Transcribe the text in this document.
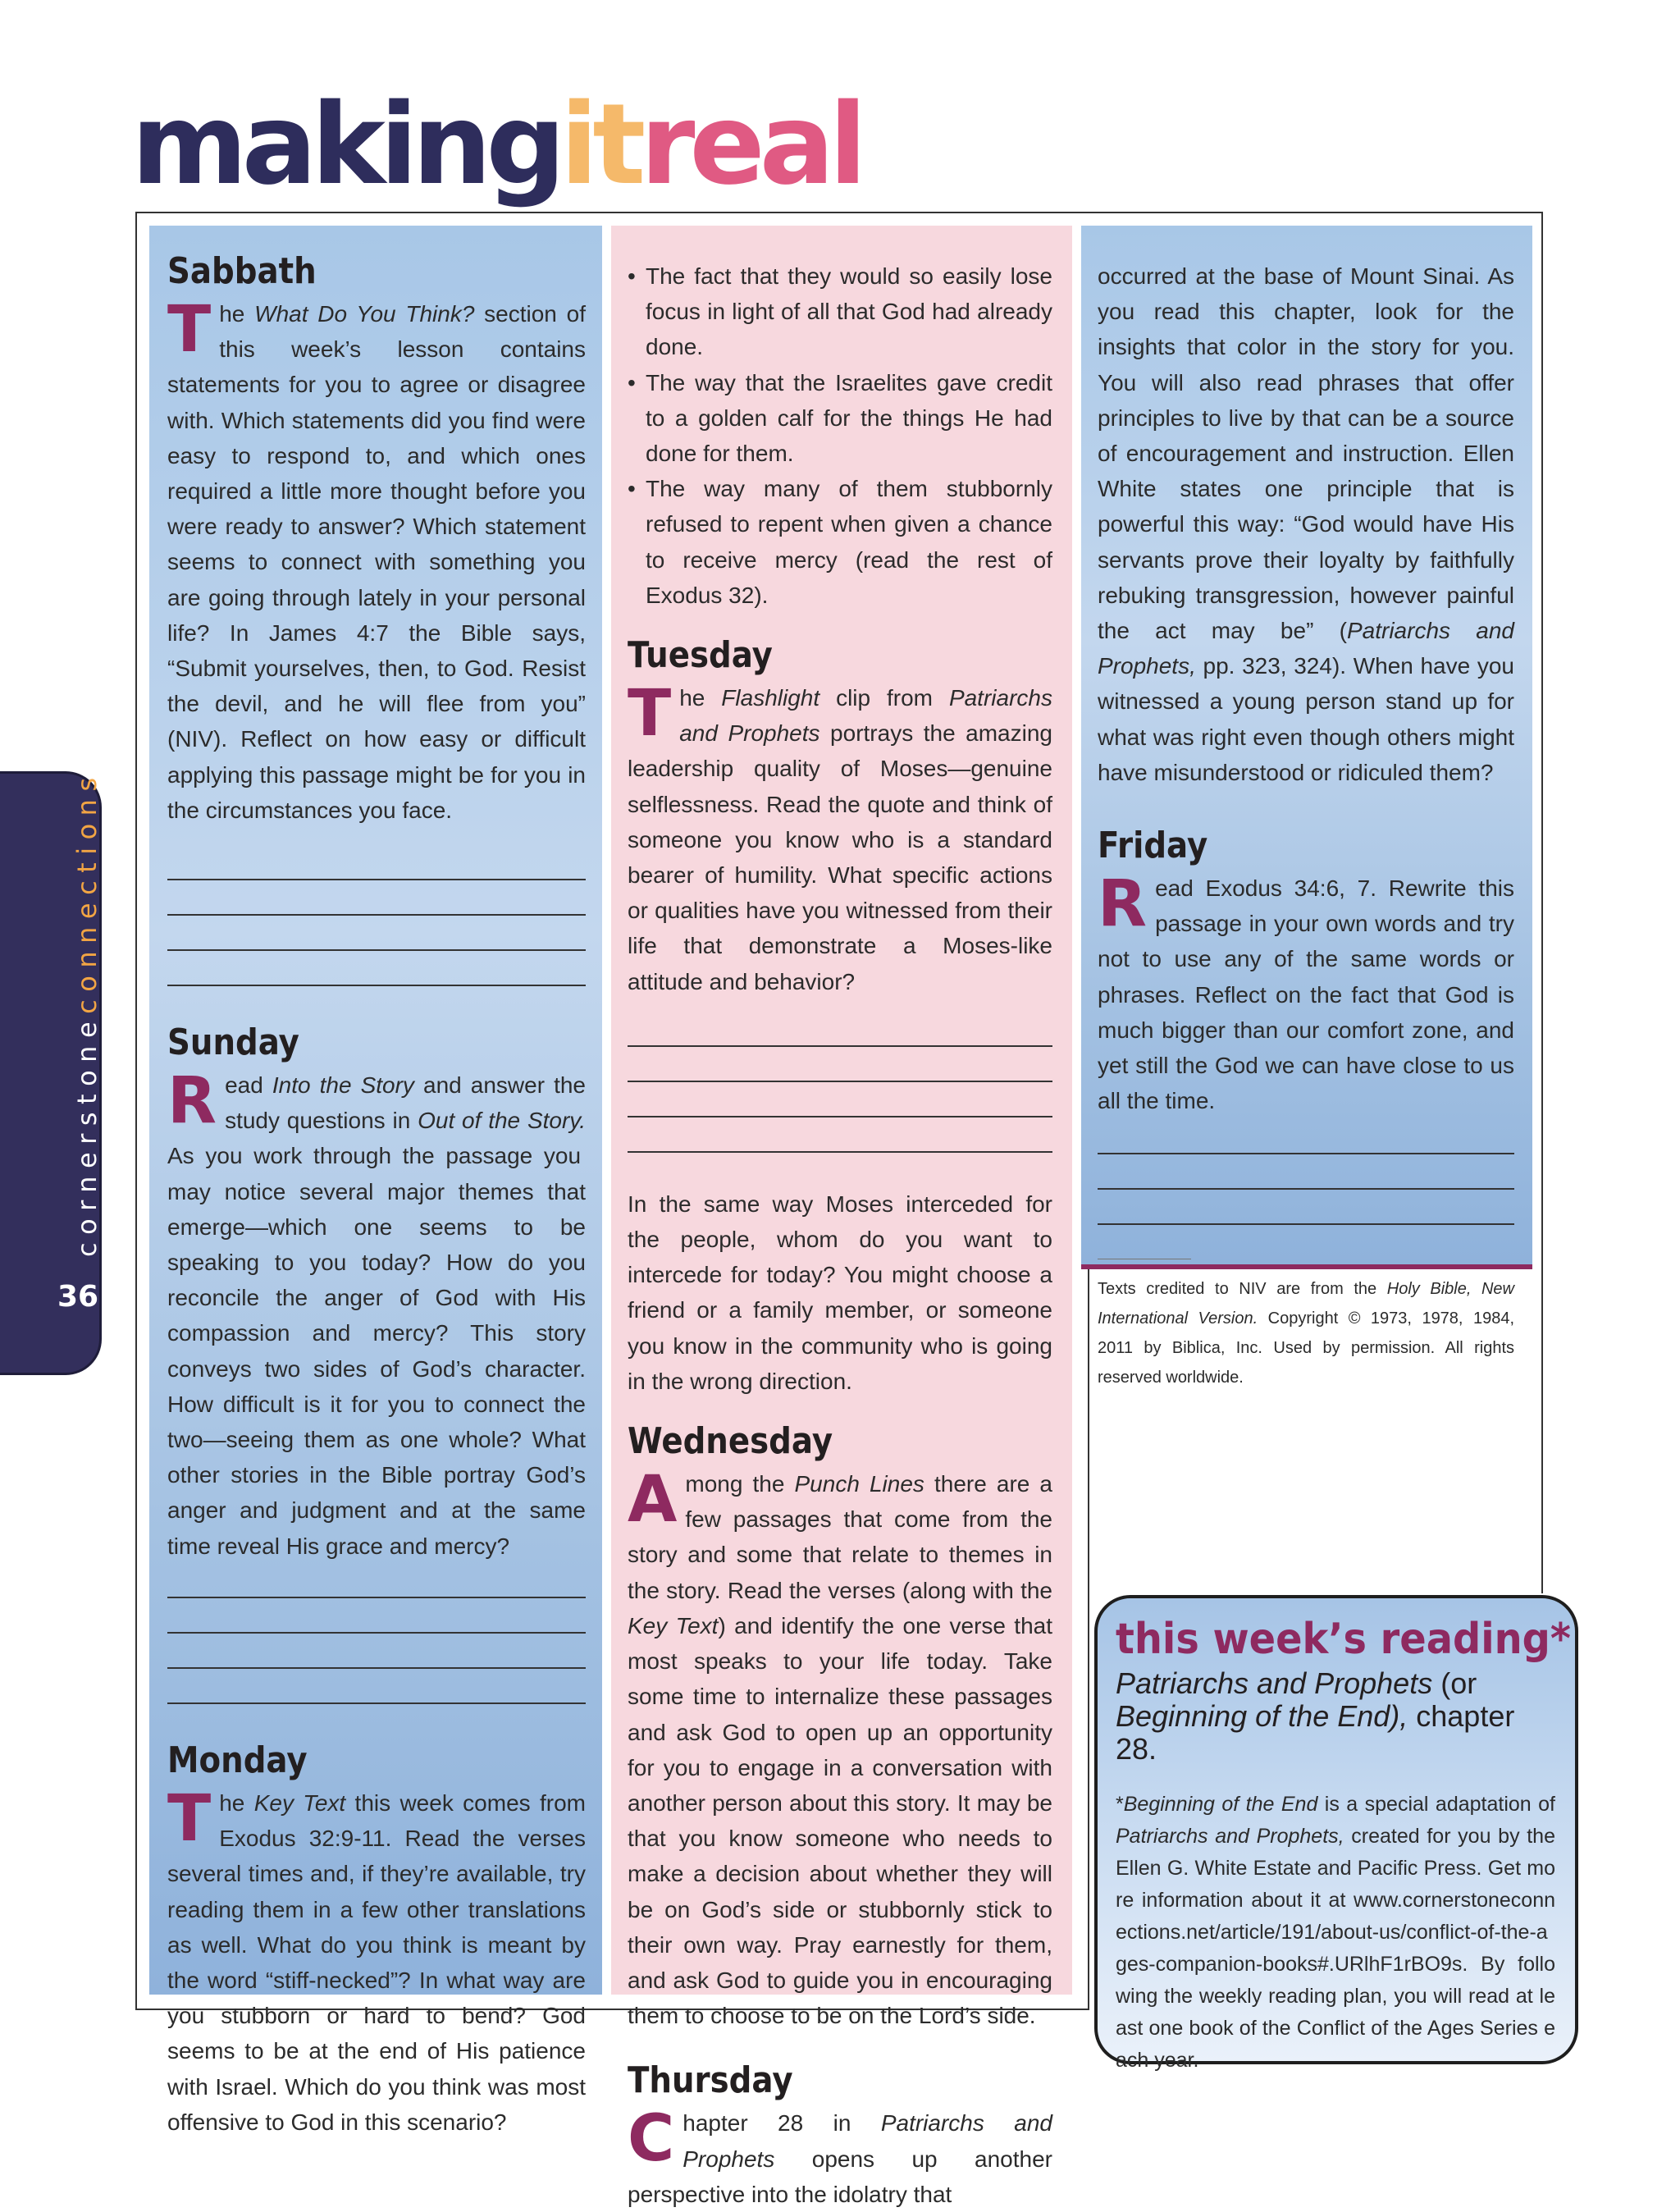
makingitreal
cornerstoneconnections
36
Sabbath

The What Do You Think? section of this week’s lesson contains statements for you to agree or disagree with. Which statements did you find were easy to respond to, and which ones required a little more thought before you were ready to answer? Which statement seems to connect with something you are going through lately in your personal life? In James 4:7 the Bible says, “Submit yourselves, then, to God. Resist the devil, and he will flee from you” (NIV). Reflect on how easy or difficult applying this passage might be for you in the circumstances you face.

Sunday

Read Into the Story and answer the study questions in Out of the Story. As you work through the passage you may notice several major themes that emerge—which one seems to be speaking to you today? How do you reconcile the anger of God with His compassion and mercy? This story conveys two sides of God’s character. How difficult is it for you to connect the two—seeing them as one whole? What other stories in the Bible portray God’s anger and judgment and at the same time reveal His grace and mercy?

Monday

The Key Text this week comes from Exodus 32:9-11. Read the verses several times and, if they’re available, try reading them in a few other translations as well. What do you think is meant by the word “stiff-necked”? In what way are you stubborn or hard to bend? God seems to be at the end of His patience with Israel. Which do you think was most offensive to God in this scenario?

• The fact that they would so easily lose focus in light of all that God had already done.
• The way that the Israelites gave credit to a golden calf for the things He had done for them.
• The way many of them stubbornly refused to repent when given a chance to receive mercy (read the rest of Exodus 32).
Tuesday

The Flashlight clip from Patriarchs and Prophets portrays the amazing leadership quality of Moses—genuine selflessness. Read the quote and think of someone you know who is a standard bearer of humility. What specific actions or qualities have you witnessed from their life that demonstrate a Moses-like attitude and behavior?

In the same way Moses interceded for the people, whom do you want to intercede for today? You might choose a friend or a family member, or someone you know in the community who is going in the wrong direction.

Wednesday

Among the Punch Lines there are a few passages that come from the story and some that relate to themes in the story. Read the verses (along with the Key Text) and identify the one verse that most speaks to your life today. Take some time to internalize these passages and ask God to open up an opportunity for you to engage in a conversation with another person about this story. It may be that you know someone who needs to make a decision about whether they will be on God’s side or stubbornly stick to their own way. Pray earnestly for them, and ask God to guide you in encouraging them to choose to be on the Lord’s side.

Thursday

Chapter 28 in Patriarchs and Prophets opens up another perspective into the idolatry that

occurred at the base of Mount Sinai. As you read this chapter, look for the insights that color in the story for you. You will also read phrases that offer principles to live by that can be a source of encouragement and instruction. Ellen White states one principle that is powerful this way: “God would have His servants prove their loyalty by faithfully rebuking transgression, however painful the act may be” (Patriarchs and Prophets, pp. 323, 324). When have you witnessed a young person stand up for what was right even though others might have misunderstood or ridiculed them?

Friday

Read Exodus 34:6, 7. Rewrite this passage in your own words and try not to use any of the same words or phrases. Reflect on the fact that God is much bigger than our comfort zone, and yet still the God we can have close to us all the time.

Texts credited to NIV are from the Holy Bible, New International Version. Copyright © 1973, 1978, 1984, 2011 by Biblica, Inc. Used by permission. All rights reserved worldwide.

this week’s reading*
Patriarchs and Prophets (or Beginning of the End), chapter 28.
*Beginning of the End is a special adaptation of Patriarchs and Prophets, created for you by the Ellen G. White Estate and Pacific Press. Get more information about it at www.cornerstoneconnections.net/article/191/about-us/conflict-of-the-ages-companion-books#.URlhF1rBO9s. By following the weekly reading plan, you will read at least one book of the Conflict of the Ages Series each year.
